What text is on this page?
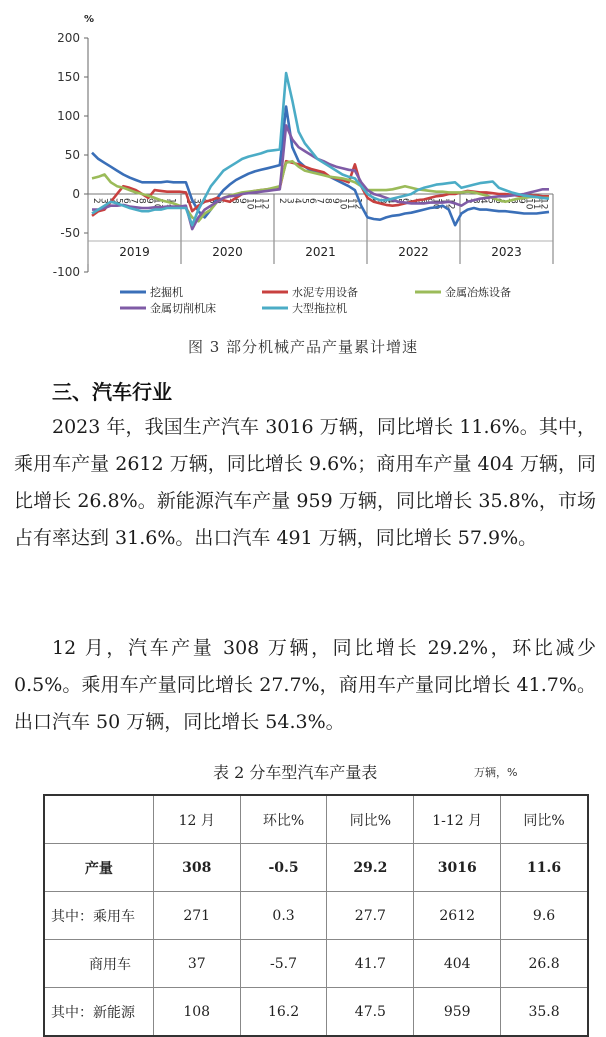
%
-100
-50
0
50
100
150
200
2
3
4
5
6
7
8
9
10
11
12
2019
2
3
4
5
6
7
8
9
10
11
12
2020
2
3
4
5
6
7
8
9
10
11
12
2021
2
3
4
5
6
7
8
9
10
11
12
2022
2
3
4
5
6
7
8
9
10
11
12
2023
挖掘机	水泥专用设备	金属冶炼设备
金属切削机床	大型拖拉机
图 3 部分机械产品产量累计增速
三、汽车行业

2023 年，我国生产汽车 3016 万辆，同比增长 11.6%。其中，乘用车产量 2612 万辆，同比增长 9.6%；商用车产量 404 万辆，同比增长 26.8%。新能源汽车产量 959 万辆，同比增长 35.8%，市场占有率达到 31.6%。出口汽车 491 万辆，同比增长 57.9%。

12 月，汽车产量 308 万辆，同比增长 29.2%，环比减少 0.5%。乘用车产量同比增长 27.7%，商用车产量同比增长 41.7%。出口汽车 50 万辆，同比增长 54.3%。

表 2 分车型汽车产量表	万辆，%
	12 月	环比%	同比%	1-12 月	同比%
产量	308	-0.5	29.2	3016	11.6
其中：乘用车	271	0.3	27.7	2612	9.6
商用车	37	-5.7	41.7	404	26.8
其中：新能源	108	16.2	47.5	959	35.8
